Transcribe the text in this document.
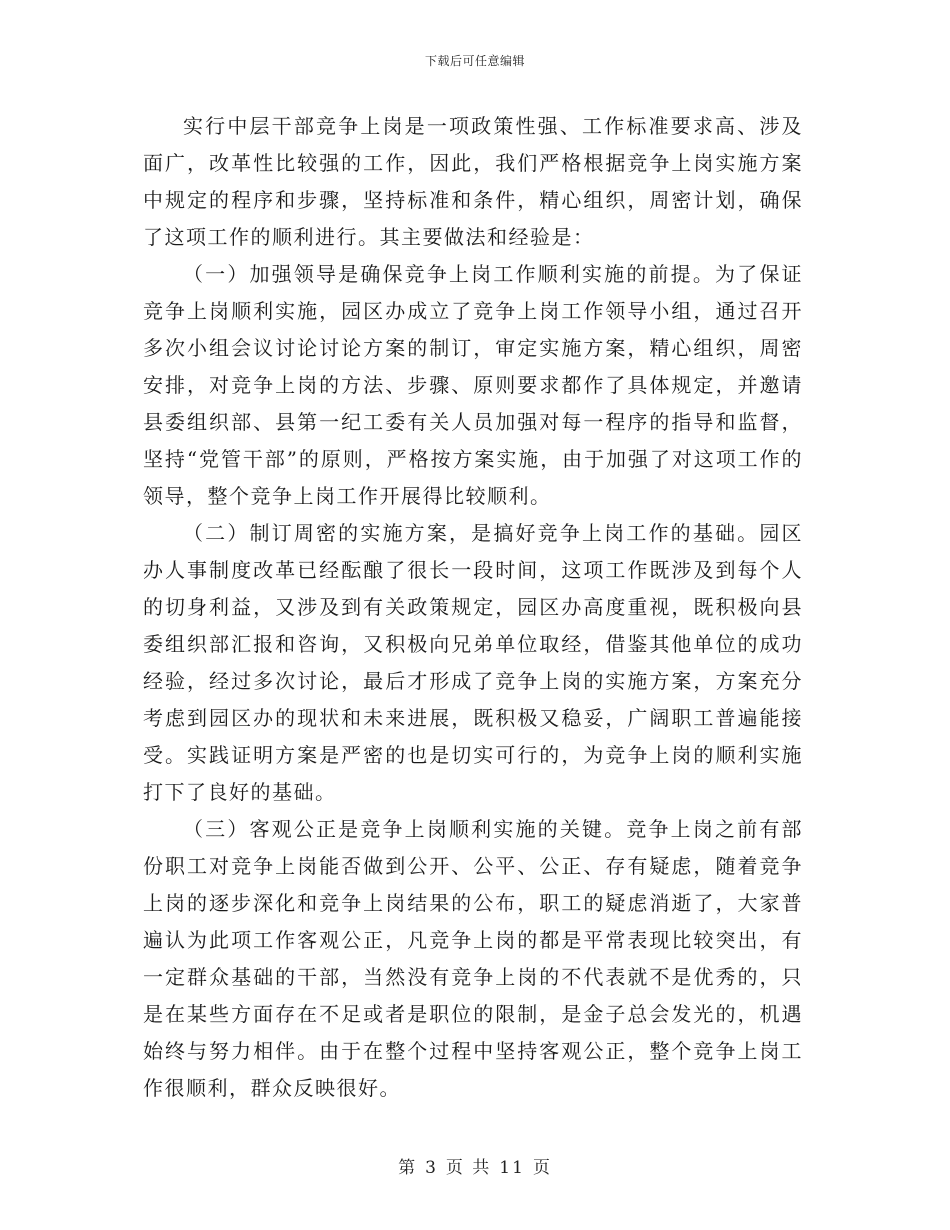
下载后可任意编辑

实行中层干部竞争上岗是一项政策性强、工作标准要求高、涉及面广，改革性比较强的工作，因此，我们严格根据竞争上岗实施方案中规定的程序和步骤，坚持标准和条件，精心组织，周密计划，确保了这项工作的顺利进行。其主要做法和经验是：

（一）加强领导是确保竞争上岗工作顺利实施的前提。为了保证竞争上岗顺利实施，园区办成立了竞争上岗工作领导小组，通过召开多次小组会议讨论讨论方案的制订，审定实施方案，精心组织，周密安排，对竞争上岗的方法、步骤、原则要求都作了具体规定，并邀请县委组织部、县第一纪工委有关人员加强对每一程序的指导和监督，坚持“党管干部”的原则，严格按方案实施，由于加强了对这项工作的领导，整个竞争上岗工作开展得比较顺利。

（二）制订周密的实施方案，是搞好竞争上岗工作的基础。园区办人事制度改革已经酝酿了很长一段时间，这项工作既涉及到每个人的切身利益，又涉及到有关政策规定，园区办高度重视，既积极向县委组织部汇报和咨询，又积极向兄弟单位取经，借鉴其他单位的成功经验，经过多次讨论，最后才形成了竞争上岗的实施方案，方案充分考虑到园区办的现状和未来进展，既积极又稳妥，广阔职工普遍能接受。实践证明方案是严密的也是切实可行的，为竞争上岗的顺利实施打下了良好的基础。

（三）客观公正是竞争上岗顺利实施的关键。竞争上岗之前有部份职工对竞争上岗能否做到公开、公平、公正、存有疑虑，随着竞争上岗的逐步深化和竞争上岗结果的公布，职工的疑虑消逝了，大家普遍认为此项工作客观公正，凡竞争上岗的都是平常表现比较突出，有一定群众基础的干部，当然没有竞争上岗的不代表就不是优秀的，只是在某些方面存在不足或者是职位的限制，是金子总会发光的，机遇始终与努力相伴。由于在整个过程中坚持客观公正，整个竞争上岗工作很顺利，群众反映很好。

第 3 页 共 11 页
